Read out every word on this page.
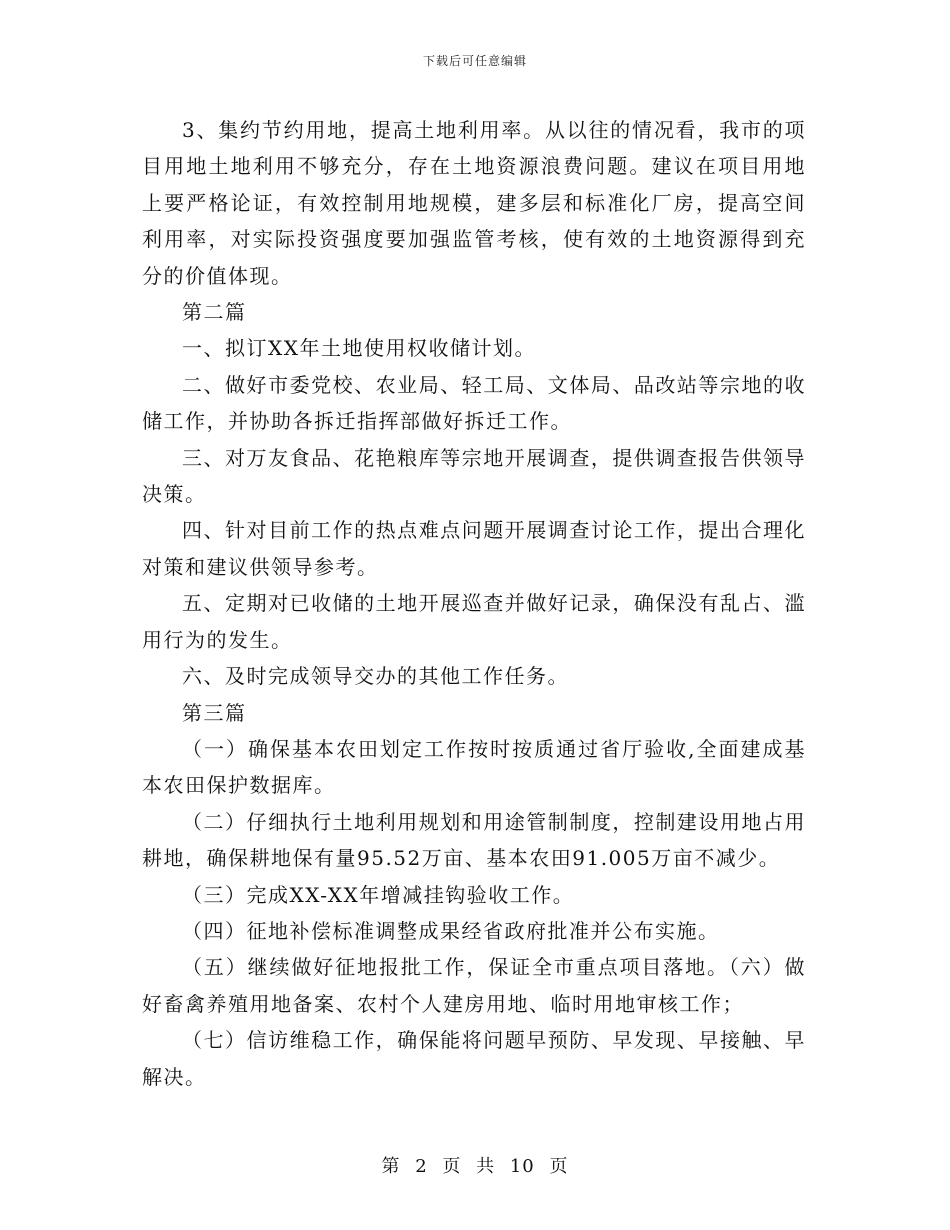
下载后可任意编辑

3、集约节约用地，提高土地利用率。从以往的情况看，我市的项目用地土地利用不够充分，存在土地资源浪费问题。建议在项目用地上要严格论证，有效控制用地规模，建多层和标准化厂房，提高空间利用率，对实际投资强度要加强监管考核，使有效的土地资源得到充分的价值体现。

第二篇

一、拟订XX年土地使用权收储计划。

二、做好市委党校、农业局、轻工局、文体局、品改站等宗地的收储工作，并协助各拆迁指挥部做好拆迁工作。

三、对万友食品、花艳粮库等宗地开展调查，提供调查报告供领导决策。

四、针对目前工作的热点难点问题开展调查讨论工作，提出合理化对策和建议供领导参考。

五、定期对已收储的土地开展巡查并做好记录，确保没有乱占、滥用行为的发生。

六、及时完成领导交办的其他工作任务。

第三篇

（一）确保基本农田划定工作按时按质通过省厅验收,全面建成基本农田保护数据库。

（二）仔细执行土地利用规划和用途管制制度，控制建设用地占用耕地，确保耕地保有量95.52万亩、基本农田91.005万亩不减少。

（三）完成XX-XX年增减挂钩验收工作。

（四）征地补偿标准调整成果经省政府批准并公布实施。

（五）继续做好征地报批工作，保证全市重点项目落地。（六）做好畜禽养殖用地备案、农村个人建房用地、临时用地审核工作；

（七）信访维稳工作，确保能将问题早预防、早发现、早接触、早解决。

第 2 页 共 10 页
